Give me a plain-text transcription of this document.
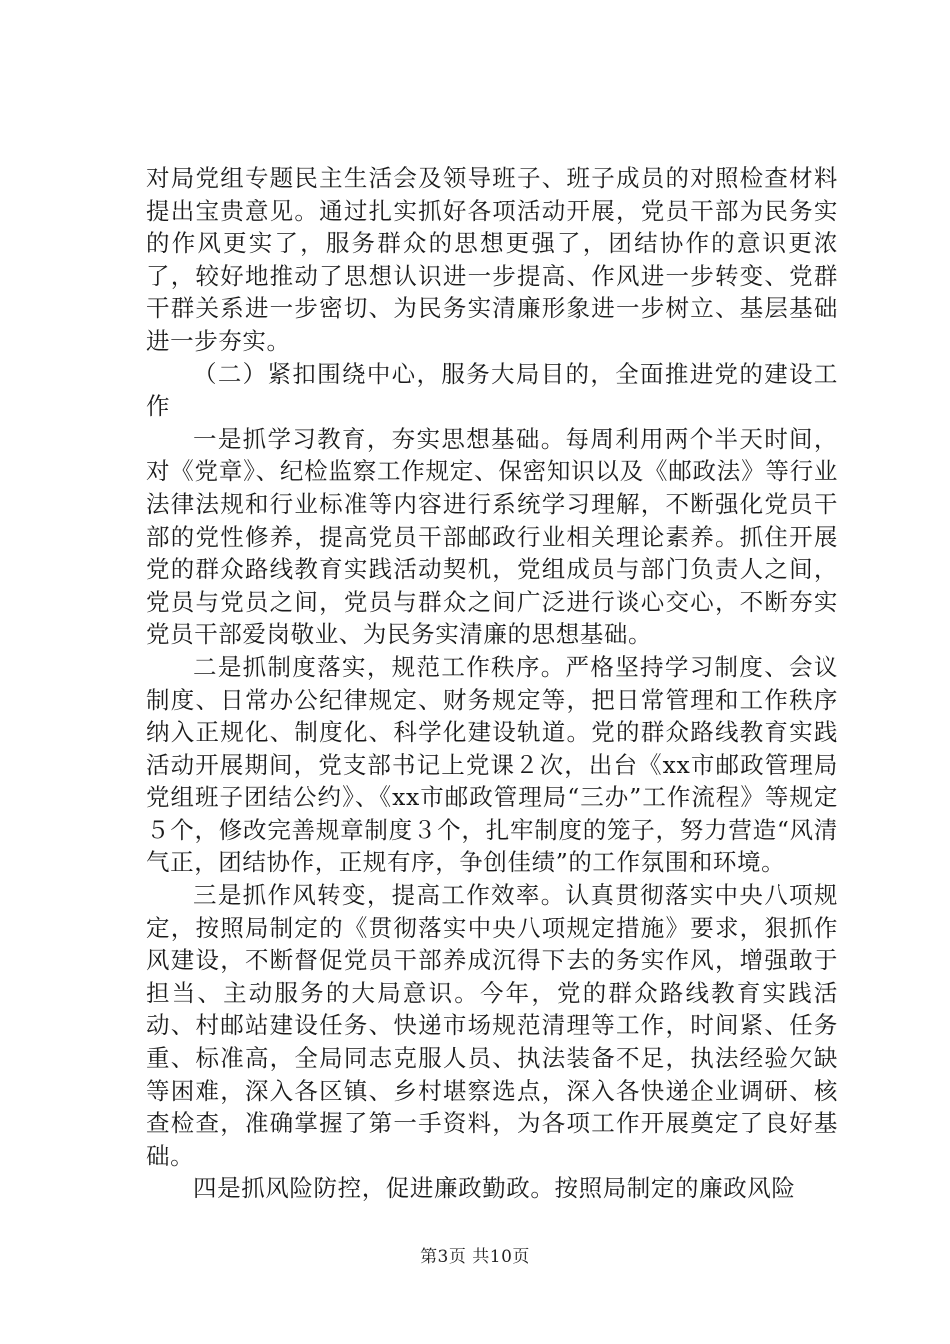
对局党组专题民主生活会及领导班子、班子成员的对照检查材料提出宝贵意见。通过扎实抓好各项活动开展，党员干部为民务实的作风更实了，服务群众的思想更强了，团结协作的意识更浓了，较好地推动了思想认识进一步提高、作风进一步转变、党群干群关系进一步密切、为民务实清廉形象进一步树立、基层基础进一步夯实。

（二）紧扣围绕中心，服务大局目的，全面推进党的建设工作

一是抓学习教育，夯实思想基础。每周利用两个半天时间，对《党章》、纪检监察工作规定、保密知识以及《邮政法》等行业法律法规和行业标准等内容进行系统学习理解，不断强化党员干部的党性修养，提高党员干部邮政行业相关理论素养。抓住开展党的群众路线教育实践活动契机，党组成员与部门负责人之间，党员与党员之间，党员与群众之间广泛进行谈心交心，不断夯实党员干部爱岗敬业、为民务实清廉的思想基础。

二是抓制度落实，规范工作秩序。严格坚持学习制度、会议制度、日常办公纪律规定、财务规定等，把日常管理和工作秩序纳入正规化、制度化、科学化建设轨道。党的群众路线教育实践活动开展期间，党支部书记上党课２次，出台《xx市邮政管理局党组班子团结公约》、《xx市邮政管理局“三办”工作流程》等规定５个，修改完善规章制度３个，扎牢制度的笼子，努力营造“风清气正，团结协作，正规有序，争创佳绩”的工作氛围和环境。

三是抓作风转变，提高工作效率。认真贯彻落实中央八项规定，按照局制定的《贯彻落实中央八项规定措施》要求，狠抓作风建设，不断督促党员干部养成沉得下去的务实作风，增强敢于担当、主动服务的大局意识。今年，党的群众路线教育实践活动、村邮站建设任务、快递市场规范清理等工作，时间紧、任务重、标准高，全局同志克服人员、执法装备不足，执法经验欠缺等困难，深入各区镇、乡村堪察选点，深入各快递企业调研、核查检查，准确掌握了第一手资料，为各项工作开展奠定了良好基础。

四是抓风险防控，促进廉政勤政。按照局制定的廉政风险

第3页 共10页
